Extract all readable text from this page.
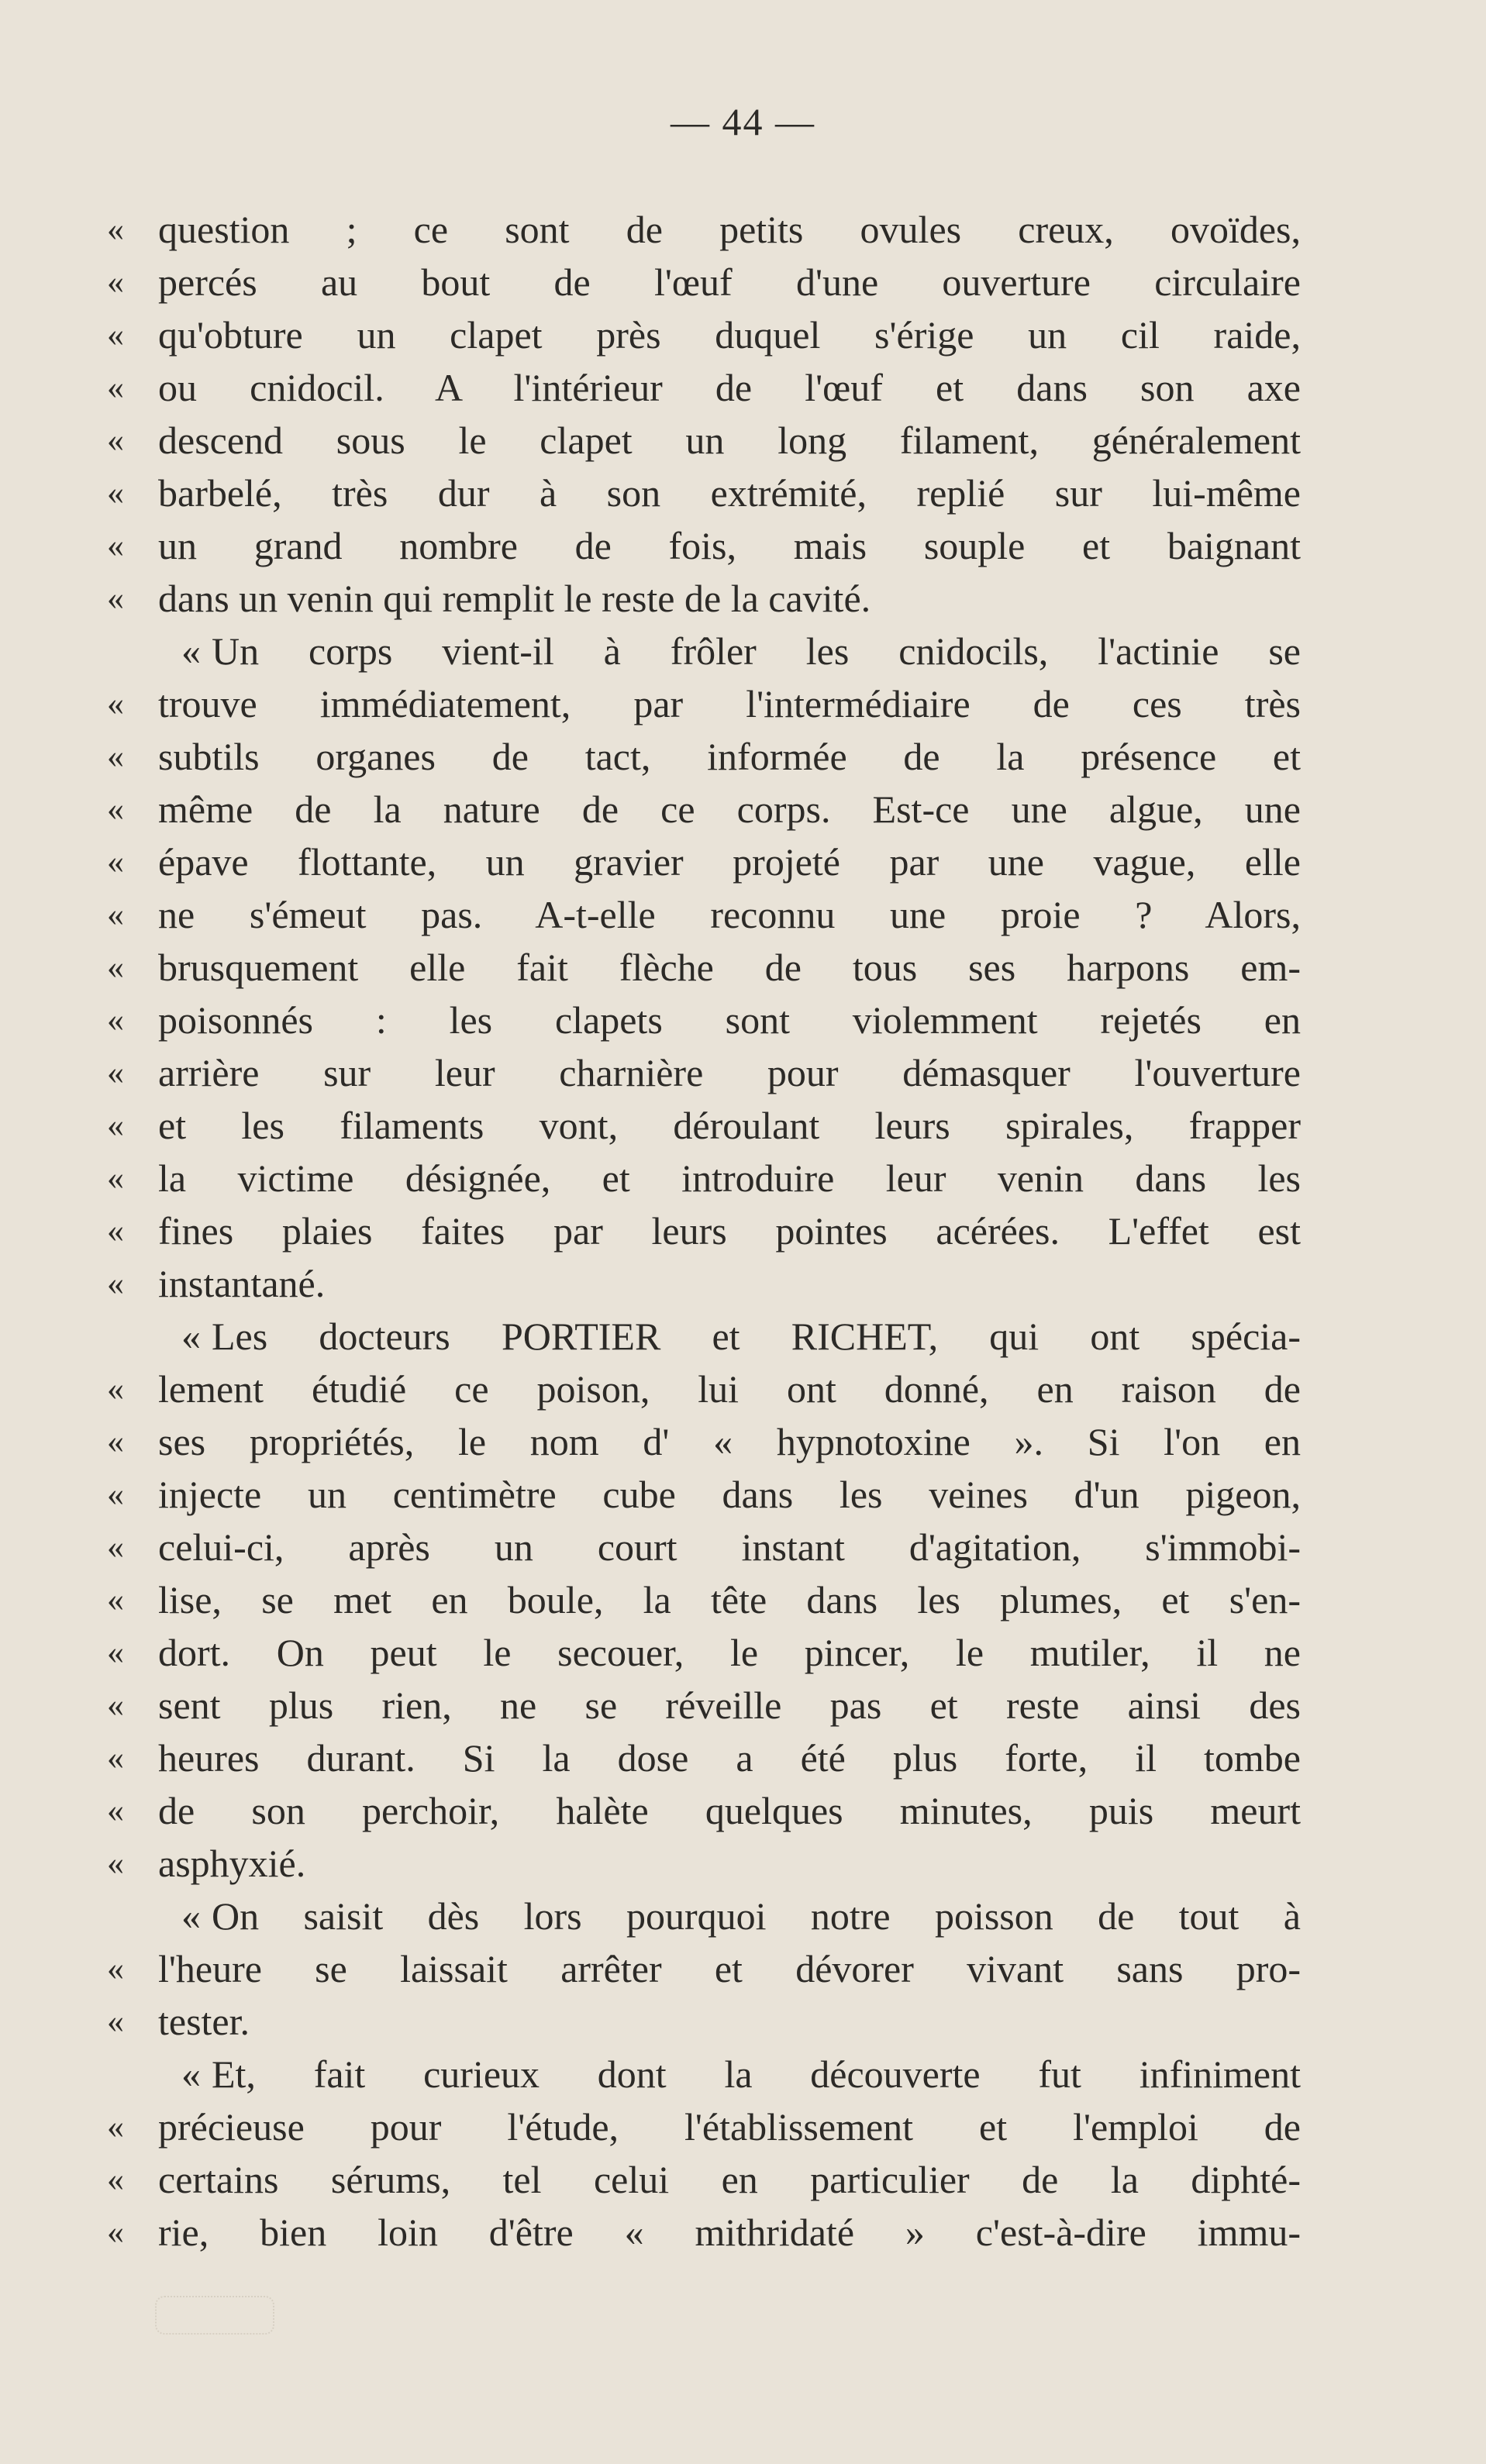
— 44 —
« question ; ce sont de petits ovules creux, ovoïdes,
« percés au bout de l'œuf d'une ouverture circulaire
« qu'obture un clapet près duquel s'érige un cil raide,
« ou cnidocil. A l'intérieur de l'œuf et dans son axe
« descend sous le clapet un long filament, généralement
« barbelé, très dur à son extrémité, replié sur lui-même
« un grand nombre de fois, mais souple et baignant
« dans un venin qui remplit le reste de la cavité.
« Un corps vient-il à frôler les cnidocils, l'actinie se
« trouve immédiatement, par l'intermédiaire de ces très
« subtils organes de tact, informée de la présence et
« même de la nature de ce corps. Est-ce une algue, une
« épave flottante, un gravier projeté par une vague, elle
« ne s'émeut pas. A-t-elle reconnu une proie ? Alors,
« brusquement elle fait flèche de tous ses harpons em-
« poisonnés : les clapets sont violemment rejetés en
« arrière sur leur charnière pour démasquer l'ouverture
« et les filaments vont, déroulant leurs spirales, frapper
« la victime désignée, et introduire leur venin dans les
« fines plaies faites par leurs pointes acérées. L'effet est
« instantané.
« Les docteurs PORTIER et RICHET, qui ont spécia-
« lement étudié ce poison, lui ont donné, en raison de
« ses propriétés, le nom d' « hypnotoxine ». Si l'on en
« injecte un centimètre cube dans les veines d'un pigeon,
« celui-ci, après un court instant d'agitation, s'immobi-
« lise, se met en boule, la tête dans les plumes, et s'en-
« dort. On peut le secouer, le pincer, le mutiler, il ne
« sent plus rien, ne se réveille pas et reste ainsi des
« heures durant. Si la dose a été plus forte, il tombe
« de son perchoir, halète quelques minutes, puis meurt
« asphyxié.
« On saisit dès lors pourquoi notre poisson de tout à
« l'heure se laissait arrêter et dévorer vivant sans pro-
« tester.
« Et, fait curieux dont la découverte fut infiniment
« précieuse pour l'étude, l'établissement et l'emploi de
« certains sérums, tel celui en particulier de la diphté-
« rie, bien loin d'être « mithridaté » c'est-à-dire immu-
